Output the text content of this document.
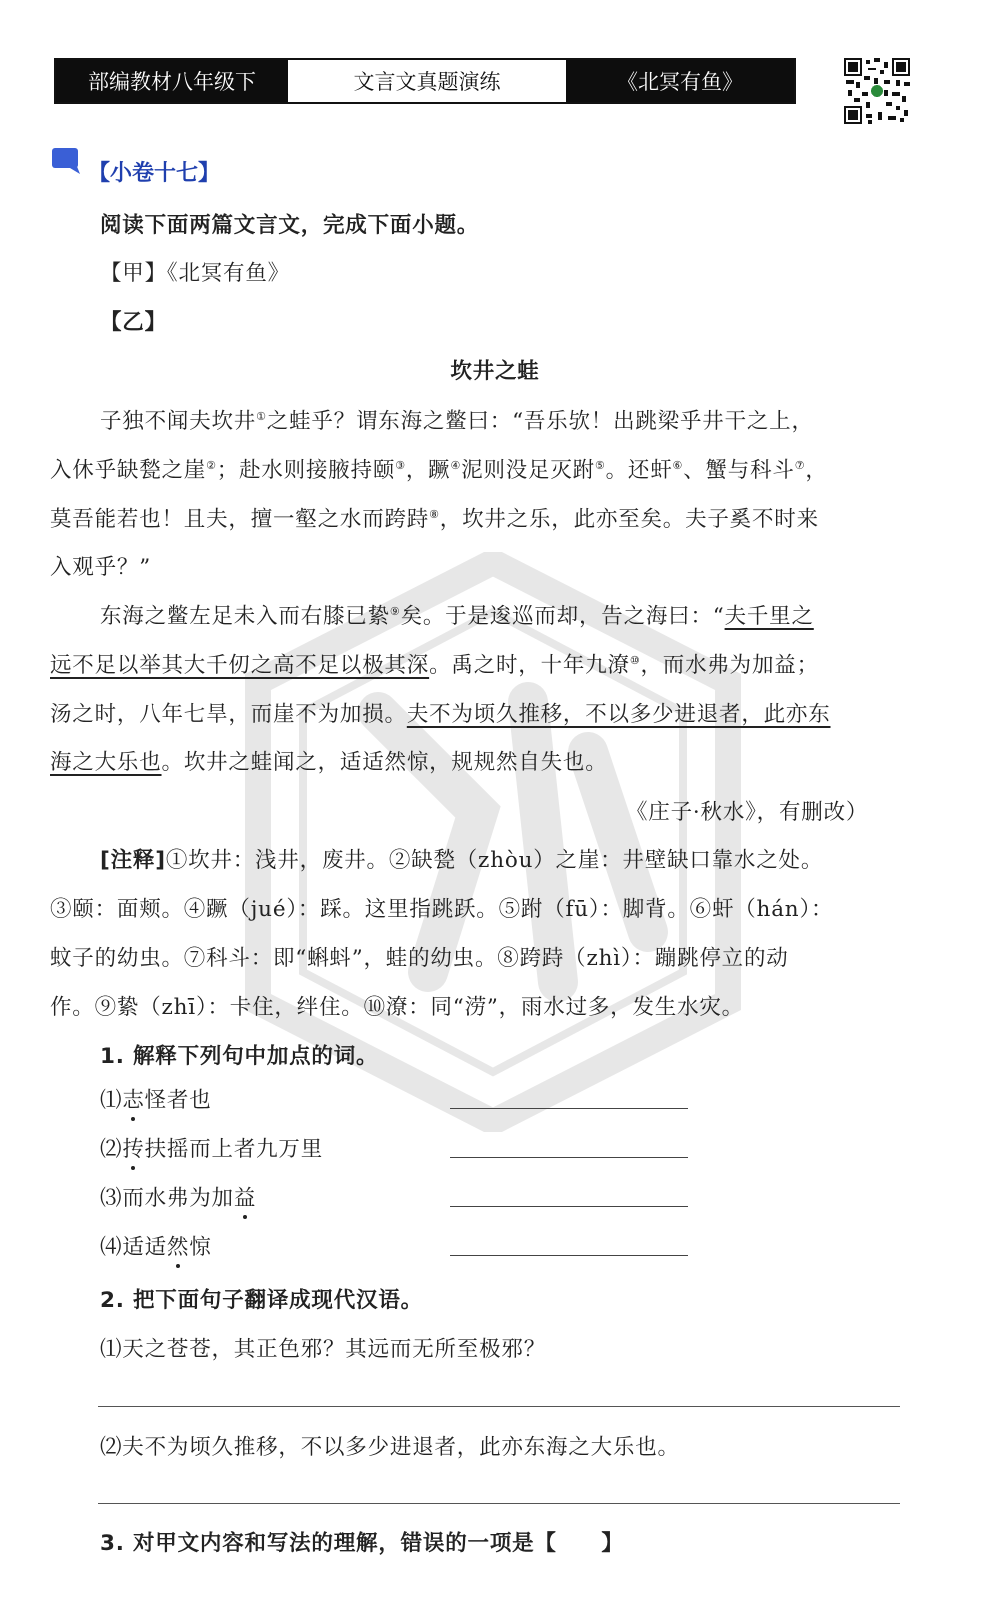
部编教材八年级下	文言文真题演练	《北冥有鱼》
【小卷十七】
阅读下面两篇文言文，完成下面小题。
【甲】《北冥有鱼》
【乙】
坎井之蛙
子独不闻夫坎井①之蛙乎？谓东海之鳖曰：“吾乐欤！出跳梁乎井干之上，
入休乎缺甃之崖②；赴水则接腋持颐③，蹶④泥则没足灭跗⑤。还虷⑥、蟹与科斗⑦，
莫吾能若也！且夫，擅一壑之水而跨跱⑧，坎井之乐，此亦至矣。夫子奚不时来
入观乎？”
东海之鳖左足未入而右膝已絷⑨矣。于是逡巡而却，告之海曰：“夫千里之
远不足以举其大千仞之高不足以极其深。禹之时，十年九潦⑩，而水弗为加益；
汤之时，八年七旱，而崖不为加损。夫不为顷久推移，不以多少进退者，此亦东
海之大乐也。坎井之蛙闻之，适适然惊，规规然自失也。
《庄子·秋水》，有删改）
[注释]①坎井：浅井，废井。②缺甃（zhòu）之崖：井壁缺口靠水之处。
③颐：面颊。④蹶（jué）：踩。这里指跳跃。⑤跗（fū）：脚背。⑥虷（hán）：
蚊子的幼虫。⑦科斗：即“蝌蚪”，蛙的幼虫。⑧跨跱（zhì）：蹦跳停立的动
作。⑨絷（zhī）：卡住，绊住。⑩潦：同“涝”，雨水过多，发生水灾。
1. 解释下列句中加点的词。
⑴志怪者也
⑵抟扶摇而上者九万里
⑶而水弗为加益
⑷适适然惊
2. 把下面句子翻译成现代汉语。
⑴天之苍苍，其正色邪？其远而无所至极邪？
⑵夫不为顷久推移，不以多少进退者，此亦东海之大乐也。
3. 对甲文内容和写法的理解，错误的一项是【　　】
